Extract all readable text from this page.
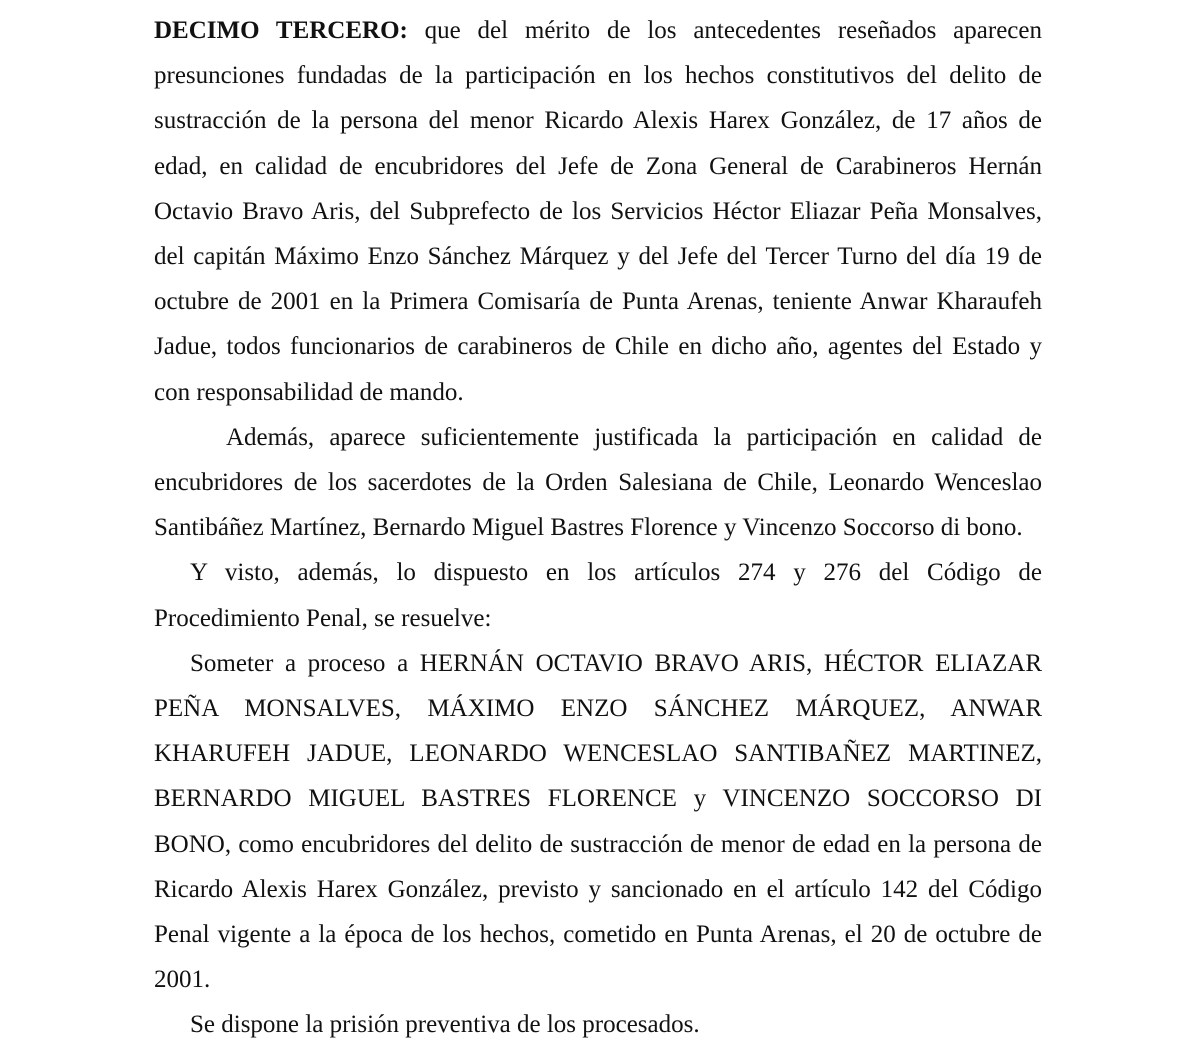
DECIMO TERCERO: que del mérito de los antecedentes reseñados aparecen presunciones fundadas de la participación en los hechos constitutivos del delito de sustracción de la persona del menor Ricardo Alexis Harex González, de 17 años de edad, en calidad de encubridores del Jefe de Zona General de Carabineros Hernán Octavio Bravo Aris, del Subprefecto de los Servicios Héctor Eliazar Peña Monsalves, del capitán Máximo Enzo Sánchez Márquez y del Jefe del Tercer Turno del día 19 de octubre de 2001 en la Primera Comisaría de Punta Arenas, teniente Anwar Kharaufeh Jadue, todos funcionarios de carabineros de Chile en dicho año, agentes del Estado y con responsabilidad de mando.

Además, aparece suficientemente justificada la participación en calidad de encubridores de los sacerdotes de la Orden Salesiana de Chile, Leonardo Wenceslao Santibáñez Martínez, Bernardo Miguel Bastres Florence y Vincenzo Soccorso di bono.

Y visto, además, lo dispuesto en los artículos 274 y 276 del Código de Procedimiento Penal, se resuelve:

Someter a proceso a HERNÁN OCTAVIO BRAVO ARIS, HÉCTOR ELIAZAR PEÑA MONSALVES, MÁXIMO ENZO SÁNCHEZ MÁRQUEZ, ANWAR KHARUFEH JADUE, LEONARDO WENCESLAO SANTIBAÑEZ MARTINEZ, BERNARDO MIGUEL BASTRES FLORENCE y VINCENZO SOCCORSO DI BONO, como encubridores del delito de sustracción de menor de edad en la persona de Ricardo Alexis Harex González, previsto y sancionado en el artículo 142 del Código Penal vigente a la época de los hechos, cometido en Punta Arenas, el 20 de octubre de 2001.

Se dispone la prisión preventiva de los procesados.
